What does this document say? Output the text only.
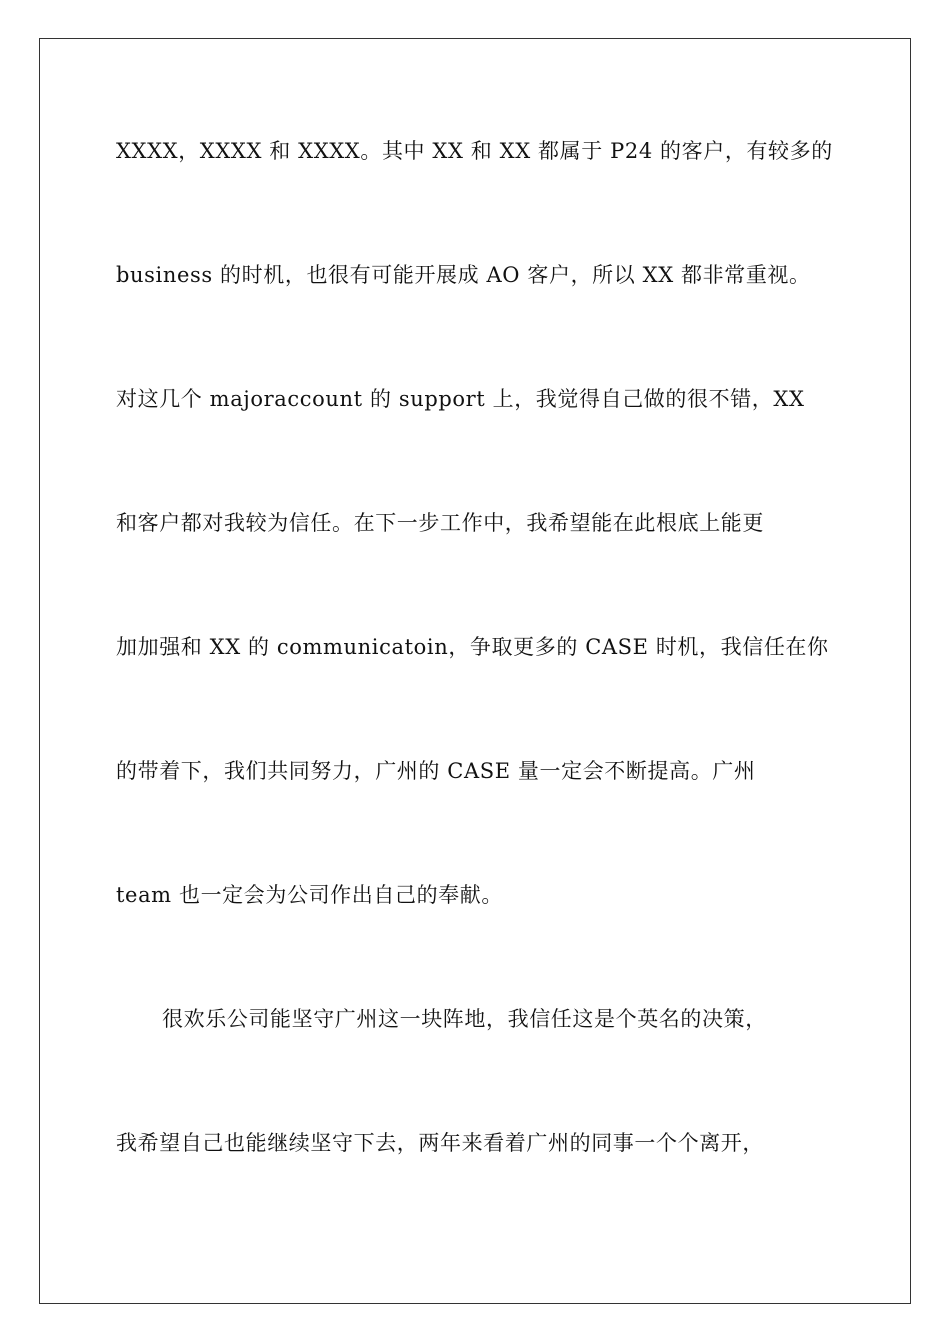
XXXX，XXXX 和 XXXX。其中 XX 和 XX 都属于 P24 的客户，有较多的
business 的时机，也很有可能开展成 AO 客户，所以 XX 都非常重视。
对这几个 majoraccount 的 support 上，我觉得自己做的很不错，XX
和客户都对我较为信任。在下一步工作中，我希望能在此根底上能更
加加强和 XX 的 communicatoin，争取更多的 CASE 时机，我信任在你
的带着下，我们共同努力，广州的 CASE 量一定会不断提高。广州
team 也一定会为公司作出自己的奉献。
很欢乐公司能坚守广州这一块阵地，我信任这是个英名的决策，
我希望自己也能继续坚守下去，两年来看着广州的同事一个个离开，
